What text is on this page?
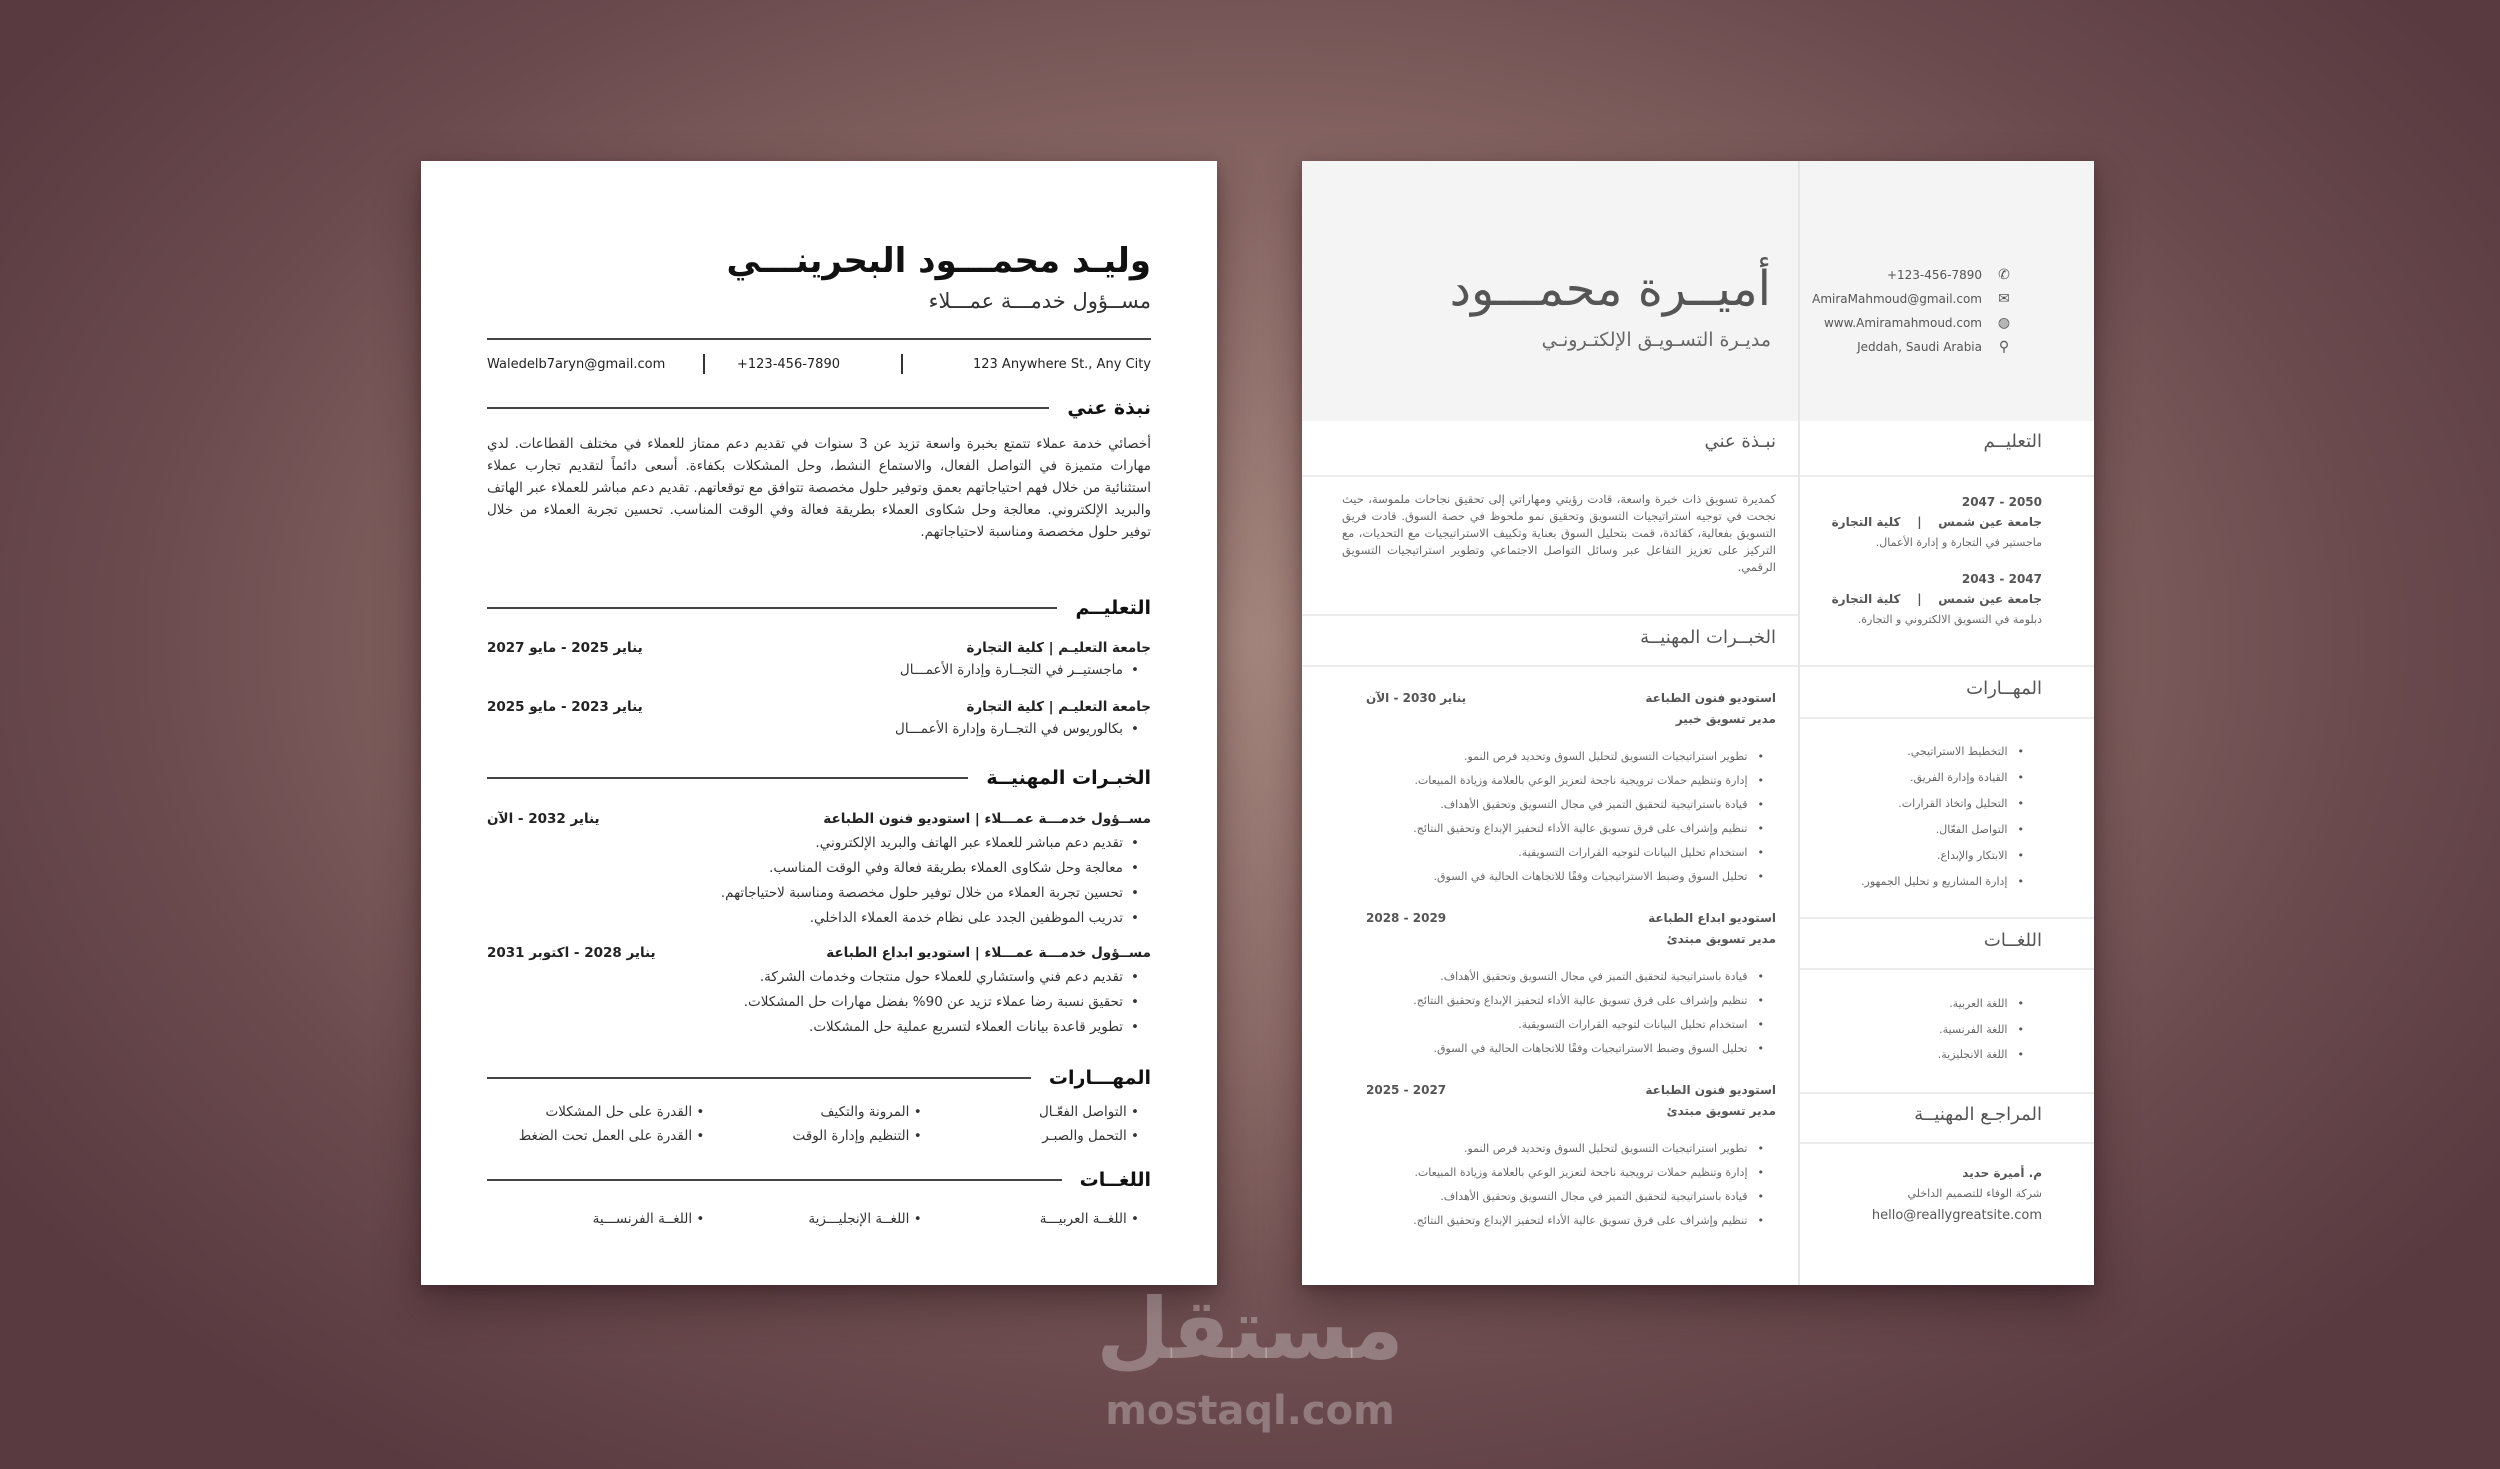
وليـد محمـــود البحرينـــي
مســؤول خدمـــة عمـــلاء
123 Anywhere St., Any City
+123-456-7890
Waledelb7aryn@gmail.com
نبذة عني
أخصائي خدمة عملاء تتمتع بخبرة واسعة تزيد عن 3 سنوات في تقديم دعم ممتاز للعملاء في مختلف القطاعات. لدي مهارات متميزة في التواصل الفعال، والاستماع النشط، وحل المشكلات بكفاءة. أسعى دائماً لتقديم تجارب عملاء استثنائية من خلال فهم احتياجاتهم بعمق وتوفير حلول مخصصة تتوافق مع توقعاتهم. تقديم دعم مباشر للعملاء عبر الهاتف والبريد الإلكتروني. معالجة وحل شكاوى العملاء بطريقة فعالة وفي الوقت المناسب. تحسين تجربة العملاء من خلال توفير حلول مخصصة ومناسبة لاحتياجاتهم.
التعليــم
الخبـرات المهنيــة
المهـــارات
• التواصل الفعّـال
• المرونة والتكيف
• القدرة على حل المشكلات
• التحمل والصبـر
• التنظيم وإدارة الوقت
• القدرة على العمل تحت الضغط
اللغــات
• اللغــة العربيـــة
• اللغــة الإنجليـــزية
• اللغــة الفرنســـية
جامعة التعليـم | كلية التجارة
يناير 2025 - مايو 2027
• ماجستيــر في التجــارة وإدارة الأعمـــال
جامعة التعليـم | كلية التجارة
يناير 2023 - مايو 2025
• بكالوريوس في التجــارة وإدارة الأعمـــال
مســؤول خدمـــة عمـــلاء | استوديو فنون الطباعة
يناير 2032 - الآن
• تقديم دعم مباشر للعملاء عبر الهاتف والبريد الإلكتروني.
• معالجة وحل شكاوى العملاء بطريقة فعالة وفي الوقت المناسب.
• تحسين تجربة العملاء من خلال توفير حلول مخصصة ومناسبة لاحتياجاتهم.
• تدريب الموظفين الجدد على نظام خدمة العملاء الداخلي.
مســؤول خدمـــة عمـــلاء | استوديو ابداع الطباعة
يناير 2028 - اكتوبر 2031
• تقديم دعم فني واستشاري للعملاء حول منتجات وخدمات الشركة.
• تحقيق نسبة رضا عملاء تزيد عن 90% بفضل مهارات حل المشكلات.
• تطوير قاعدة بيانات العملاء لتسريع عملية حل المشكلات.
أميــرة محمـــود
مديـرة التسـويـق الإلكتـرونـي
نبـذة عني
كمديرة تسويق ذات خبرة واسعة، قادت رؤيتي ومهاراتي إلى تحقيق نجاحات ملموسة، حيث نجحت في توجيه استراتيجيات التسويق وتحقيق نمو ملحوظ في حصة السوق. قادت فريق التسويق بفعالية، كقائدة، قمت بتحليل السوق بعناية وتكييف الاستراتيجيات مع التحديات، مع التركيز على تعزيز التفاعل عبر وسائل التواصل الاجتماعي وتطوير استراتيجيات التسويق الرقمي.
الخبــرات المهنيــة
التعليــم
المهــارات
• التخطيط الاستراتيجي.
• القيادة وإدارة الفريق.
• التحليل واتخاذ القرارات.
• التواصل الفعّال.
• الابتكار والإبداع.
• إدارة المشاريع و تحليل الجمهور.
اللغــات
• اللغة العربية.
• اللغة الفرنسية.
• اللغة الانجليزية.
المراجـع المهنيــة
م. أميرة حديد
شركة الوفاء للتصميم الداخلي
hello@reallygreatsite.com
+123-456-7890 ✆
AmiraMahmoud@gmail.com ✉
www.Amiramahmoud.com ◍
Jeddah, Saudi Arabia ⚲
استوديو فنون الطباعة
يناير 2030 - الآن
مدير تسويق خبير
• تطوير استراتيجيات التسويق لتحليل السوق وتحديد فرص النمو.
• إدارة وتنظيم حملات ترويجية ناجحة لتعزيز الوعي بالعلامة وزيادة المبيعات.
• قيادة باستراتيجية لتحقيق التميز في مجال التسويق وتحقيق الأهداف.
• تنظيم وإشراف على فرق تسويق عالية الأداء لتحفيز الإبداع وتحقيق النتائج.
• استخدام تحليل البيانات لتوجيه القرارات التسويقية.
• تحليل السوق وضبط الاستراتيجيات وفقًا للاتجاهات الحالية في السوق.
استوديو ابداع الطباعة
2029 - 2028
مدير تسويق مبتدئ
• قيادة باستراتيجية لتحقيق التميز في مجال التسويق وتحقيق الأهداف.
• تنظيم وإشراف على فرق تسويق عالية الأداء لتحفيز الإبداع وتحقيق النتائج.
• استخدام تحليل البيانات لتوجيه القرارات التسويقية.
• تحليل السوق وضبط الاستراتيجيات وفقًا للاتجاهات الحالية في السوق.
استوديو فنون الطباعة
2027 - 2025
مدير تسويق مبتدئ
• تطوير استراتيجيات التسويق لتحليل السوق وتحديد فرص النمو.
• إدارة وتنظيم حملات ترويجية ناجحة لتعزيز الوعي بالعلامة وزيادة المبيعات.
• قيادة باستراتيجية لتحقيق التميز في مجال التسويق وتحقيق الأهداف.
• تنظيم وإشراف على فرق تسويق عالية الأداء لتحفيز الإبداع وتحقيق النتائج.
2050 - 2047
جامعة عين شمس    |    كلية التجارة
ماجستير في التجارة و إدارة الأعمال.
2047 - 2043
جامعة عين شمس    |    كلية التجارة
دبلومة في التسويق الالكتروني و التجارة.
مستقل
mostaql.com
